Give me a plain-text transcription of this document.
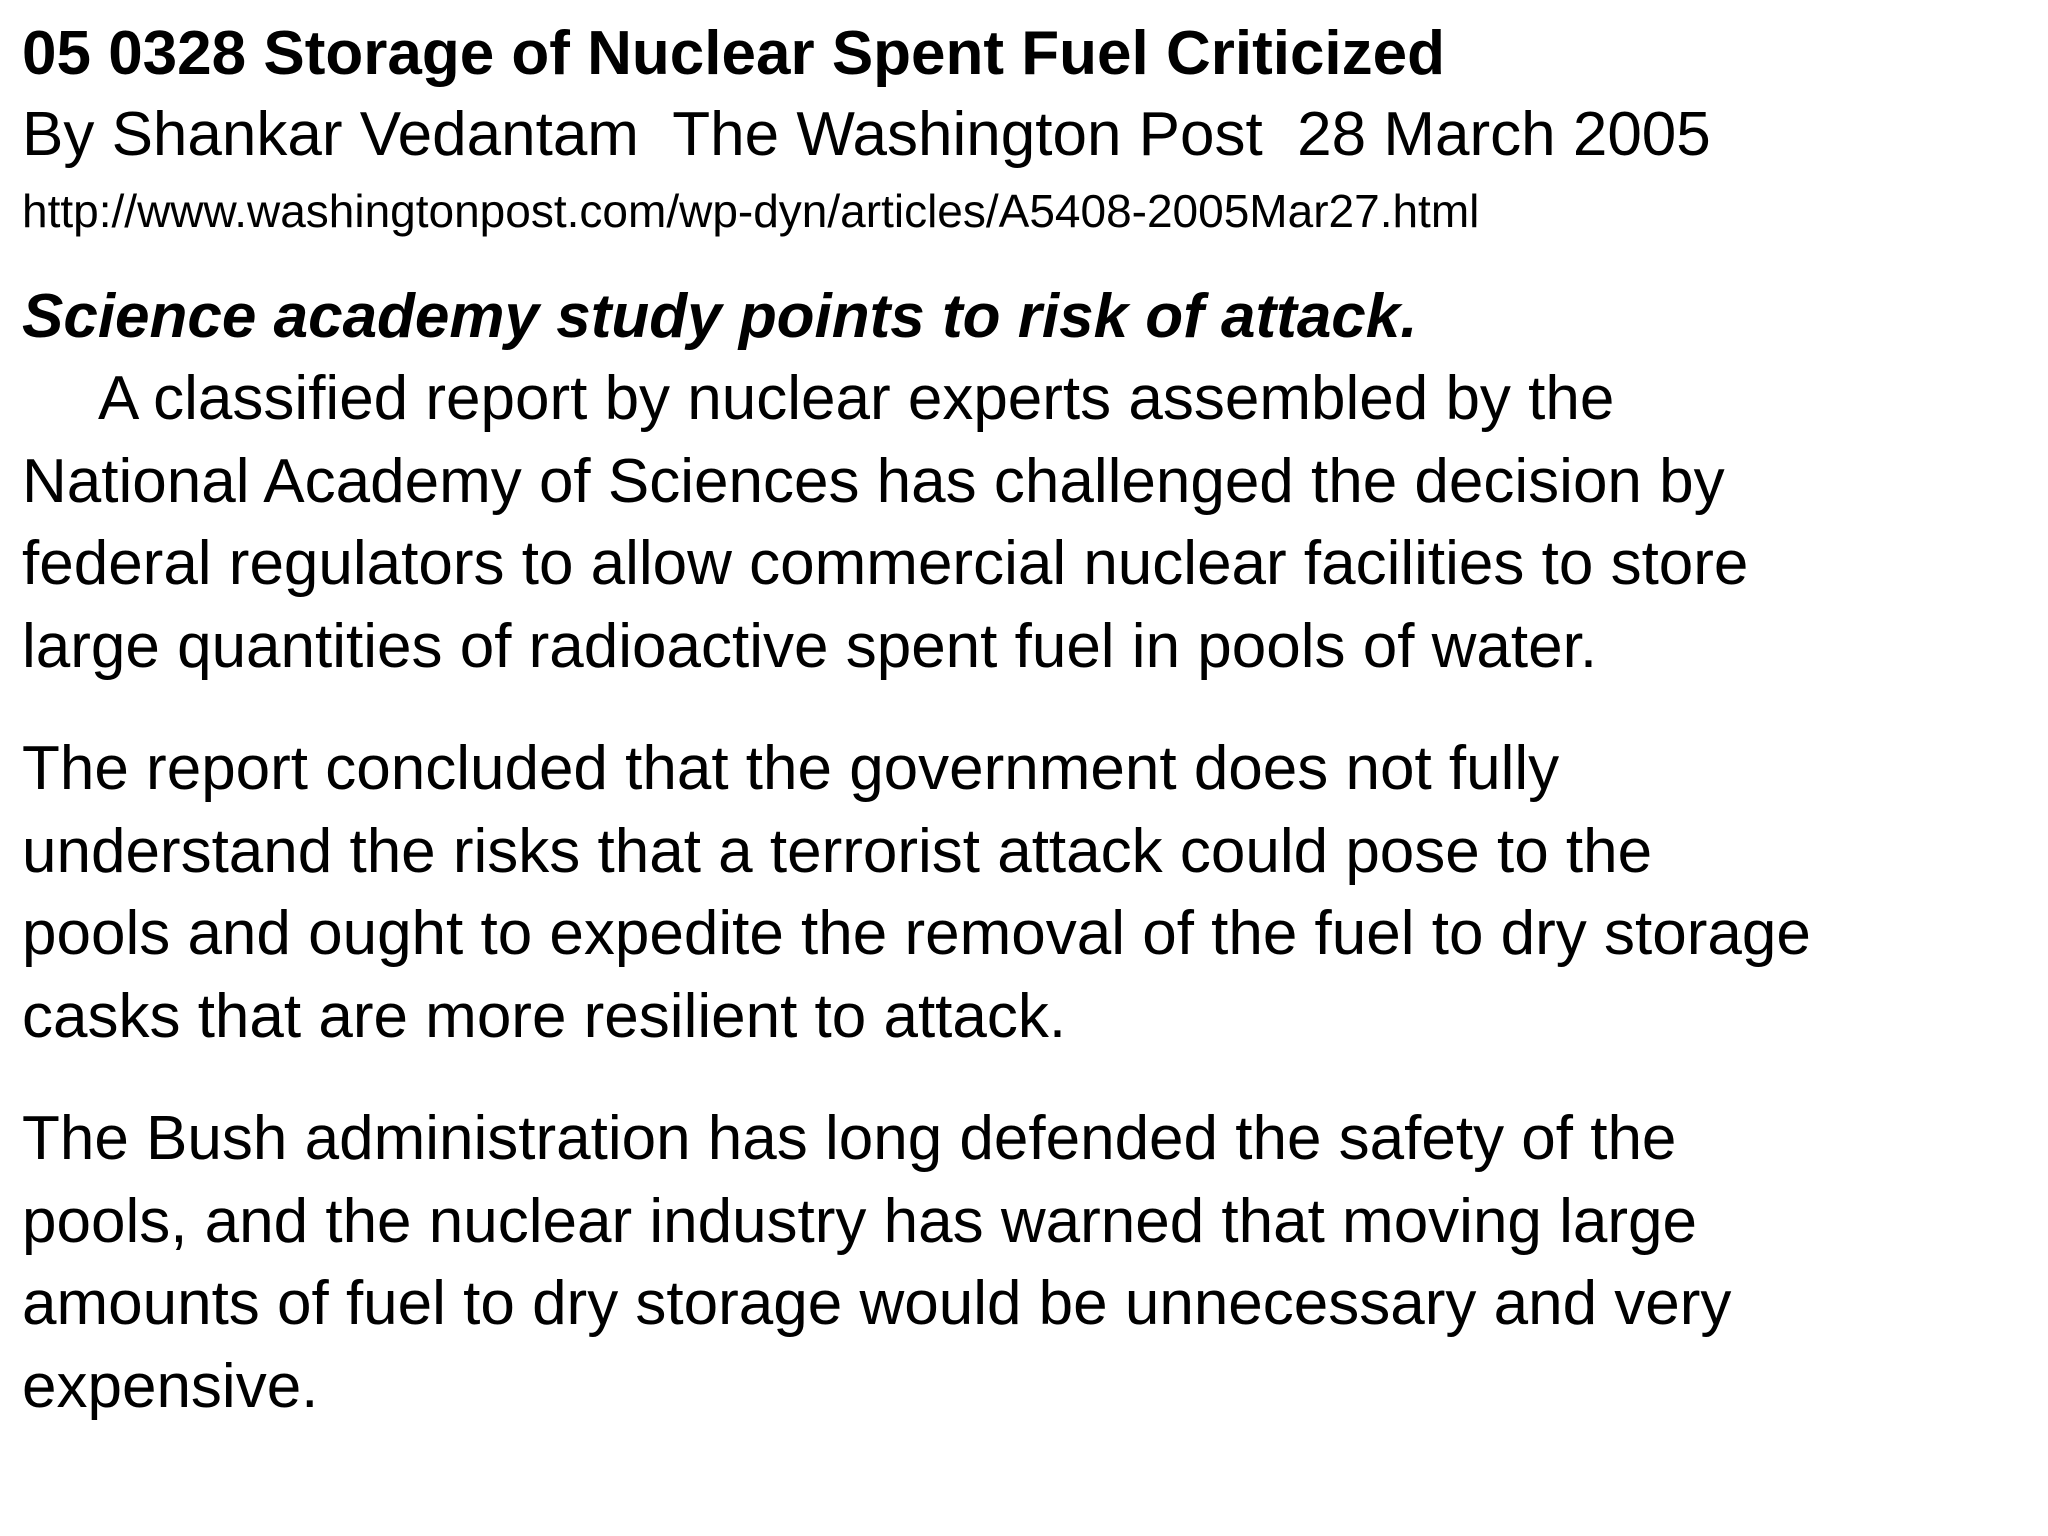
05 0328 Storage of Nuclear Spent Fuel Criticized

By Shankar Vedantam  The Washington Post  28 March 2005

http://www.washingtonpost.com/wp-dyn/articles/A5408-2005Mar27.html

Science academy study points to risk of attack.

A classified report by nuclear experts assembled by the
National Academy of Sciences has challenged the decision by
federal regulators to allow commercial nuclear facilities to store
large quantities of radioactive spent fuel in pools of water.

The report concluded that the government does not fully
understand the risks that a terrorist attack could pose to the
pools and ought to expedite the removal of the fuel to dry storage
casks that are more resilient to attack.

The Bush administration has long defended the safety of the
pools, and the nuclear industry has warned that moving large
amounts of fuel to dry storage would be unnecessary and very
expensive.
